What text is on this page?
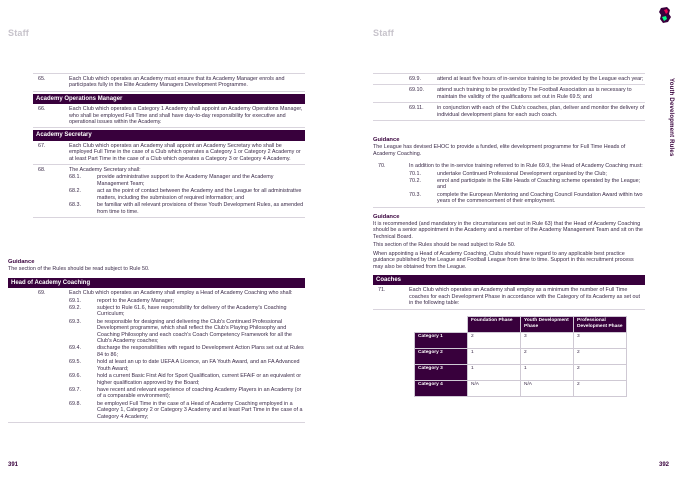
Staff
65.	Each Club which operates an Academy must ensure that its Academy Manager enrols and participates fully in the Elite Academy Managers Development Programme.
Academy Operations Manager
66.	Each Club which operates a Category 1 Academy shall appoint an Academy Operations Manager, who shall be employed Full Time and shall have day-to-day responsibility for executive and operational issues within the Academy.
Academy Secretary
67.	Each Club which operates an Academy shall appoint an Academy Secretary who shall be employed Full Time in the case of a Club which operates a Category 1 or Category 2 Academy or at least Part Time in the case of a Club which operates a Category 3 or Category 4 Academy.
68.	The Academy Secretary shall:
68.1.	provide administrative support to the Academy Manager and the Academy Management Team;
68.2.	act as the point of contact between the Academy and the League for all administrative matters, including the submission of required information; and
68.3.	be familiar with all relevant provisions of these Youth Development Rules, as amended from time to time.
Guidance
The section of the Rules should be read subject to Rule 50.
Head of Academy Coaching
69.	Each Club which operates an Academy shall employ a Head of Academy Coaching who shall:
69.1.	report to the Academy Manager;
69.2.	subject to Rule 61.6, have responsibility for delivery of the Academy's Coaching Curriculum;
69.3.	be responsible for designing and delivering the Club's Continued Professional Development programme, which shall reflect the Club's Playing Philosophy and Coaching Philosophy and each coach's Coach Competency Framework for all the Club's Academy coaches;
69.4.	discharge the responsibilities with regard to Development Action Plans set out at Rules 84 to 86;
69.5.	hold at least an up to date UEFA A Licence, an FA Youth Award, and an FA Advanced Youth Award;
69.6.	hold a current Basic First Aid for Sport Qualification, current EFAiF or an equivalent or higher qualification approved by the Board;
69.7.	have recent and relevant experience of coaching Academy Players in an Academy (or of a comparable environment);
69.8.	be employed Full Time in the case of a Head of Academy Coaching employed in a Category 1, Category 2 or Category 3 Academy and at least Part Time in the case of a Category 4 Academy;
391
Staff
Youth Development Rules
69.9.	attend at least five hours of in-service training to be provided by the League each year;
69.10.	attend such training to be provided by The Football Association as is necessary to maintain the validity of the qualifications set out in Rule 69.5; and
69.11.	in conjunction with each of the Club's coaches, plan, deliver and monitor the delivery of individual development plans for each such coach.
Guidance
The League has devised EHOC to provide a funded, elite development programme for Full Time Heads of Academy Coaching.
70.	In addition to the in-service training referred to in Rule 69.9, the Head of Academy Coaching must:
70.1.	undertake Continued Professional Development organised by the Club;
70.2.	enrol and participate in the Elite Heads of Coaching scheme operated by the League; and
70.3.	complete the European Mentoring and Coaching Council Foundation Award within two years of the commencement of their employment.
Guidance
It is recommended (and mandatory in the circumstances set out in Rule 63) that the Head of Academy Coaching should be a senior appointment in the Academy and a member of the Academy Management Team and sit on the Technical Board.
This section of the Rules should be read subject to Rule 50.
When appointing a Head of Academy Coaching, Clubs should have regard to any applicable best practice guidance published by the League and Football League from time to time. Support in this recruitment process may also be obtained from the League.
Coaches
71.	Each Club which operates an Academy shall employ as a minimum the number of Full Time coaches for each Development Phase in accordance with the Category of its Academy as set out in the following table:
	Foundation Phase	Youth Development Phase	Professional Development Phase
Category 1	2	3	3
Category 2	1	2	2
Category 3	1	1	2
Category 4	N/A	N/A	2
392
